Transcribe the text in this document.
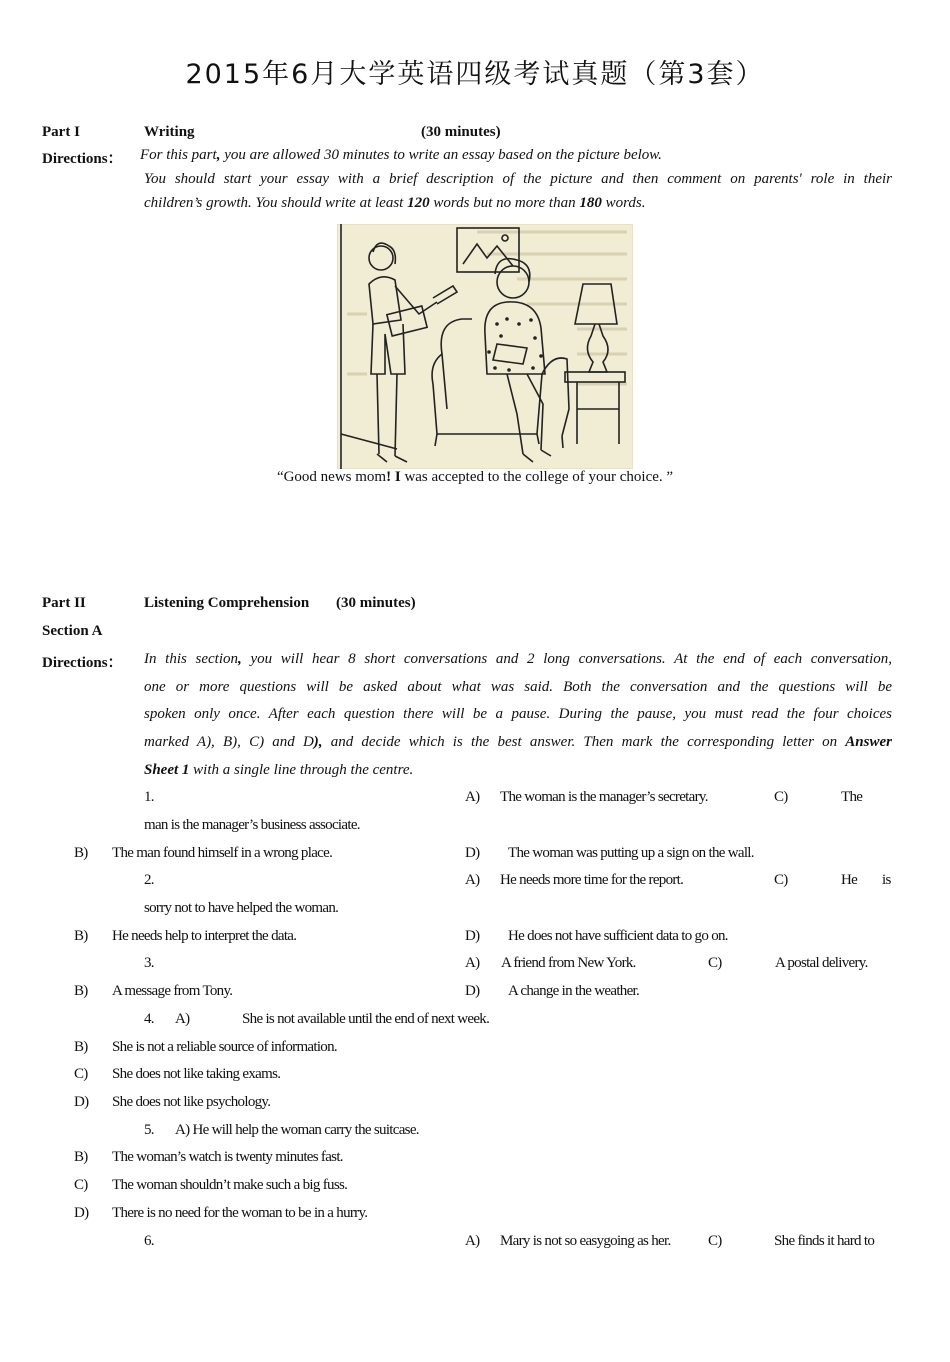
2015年6月大学英语四级考试真题（第3套）
Part I	Writing	(30 minutes)
Directions： For this part, you are allowed 30 minutes to write an essay based on the picture below.
You should start your essay with a brief description of the picture and then comment on parents' role in their
children’s growth. You should write at least 120 words but no more than 180 words.
“Good news mom! I was accepted to the college of your choice. ”
Part II	Listening Comprehension (30 minutes)
Section A
Directions： In this section, you will hear 8 short conversations and 2 long conversations. At the end of each conversation,
one or more questions will be asked about what was said. Both the conversation and the questions will be
spoken only once. After each question there will be a pause. During the pause, you must read the four choices
marked A), B), C) and D), and decide which is the best answer. Then mark the corresponding letter on Answer
Sheet 1 with a single line through the centre.
1.	A) The woman is the manager’s secretary.	C)	The
man is the manager’s business associate.
B) The man found himself in a wrong place.	D) The woman was putting up a sign on the wall.
2.	A) He needs more time for the report.	C)	He is
sorry not to have helped the woman.
B) He needs help to interpret the data.	D) He does not have sufficient data to go on.
3.	A) A friend from New York.	C)	A postal delivery.
B) A message from Tony.	D) A change in the weather.
4. A)	She is not available until the end of next week.
B) She is not a reliable source of information.
C) She does not like taking exams.
D) She does not like psychology.
5. A) He will help the woman carry the suitcase.
B) The woman’s watch is twenty minutes fast.
C) The woman shouldn’t make such a big fuss.
D) There is no need for the woman to be in a hurry.
6.	A) Mary is not so easygoing as her.	C)	She finds it hard to
